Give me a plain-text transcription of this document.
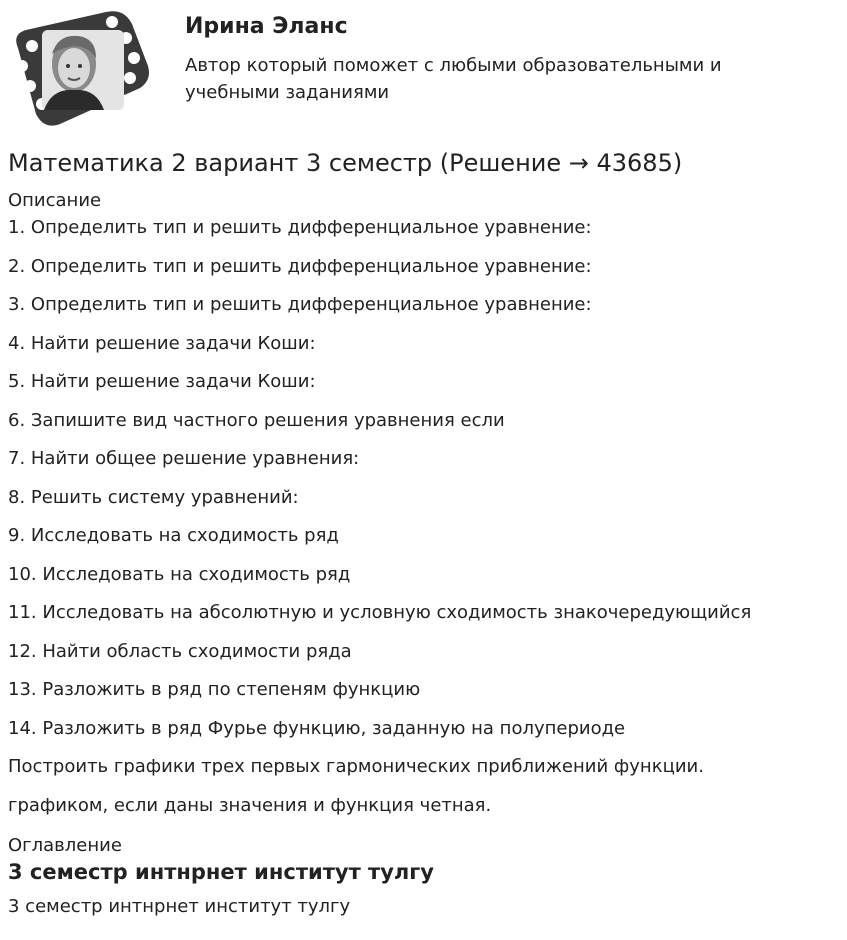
Ирина Эланс
Автор который поможет с любыми образовательными и учебными заданиями
Математика 2 вариант 3 семестр (Решение → 43685)
Описание
1. Определить тип и решить дифференциальное уравнение:
2. Определить тип и решить дифференциальное уравнение:
3. Определить тип и решить дифференциальное уравнение:
4. Найти решение задачи Коши:
5. Найти решение задачи Коши:
6. Запишите вид частного решения уравнения если
7. Найти общее решение уравнения:
8. Решить систему уравнений:
9. Исследовать на сходимость ряд
10. Исследовать на сходимость ряд
11. Исследовать на абсолютную и условную сходимость знакочередующийся
12. Найти область сходимости ряда
13. Разложить в ряд по степеням функцию
14. Разложить в ряд Фурье функцию, заданную на полупериоде
Построить графики трех первых гармонических приближений функции.
графиком, если даны значения и функция четная.
Оглавление
3 семестр интнрнет институт тулгу
3 семестр интнрнет институт тулгу
